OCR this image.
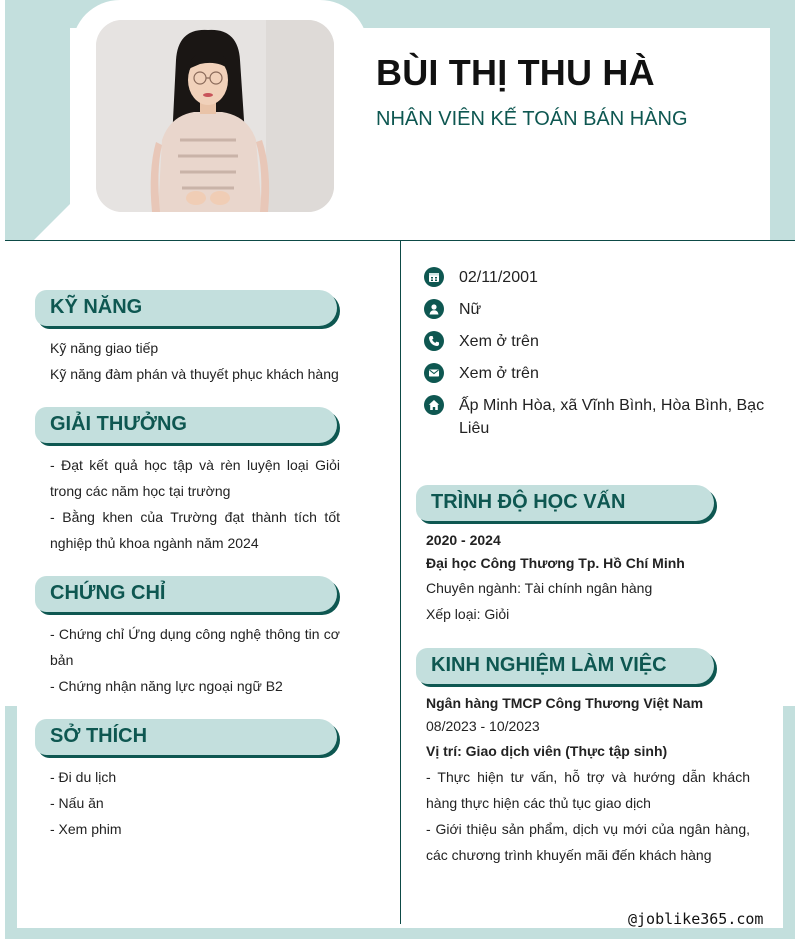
BÙI THỊ THU HÀ
NHÂN VIÊN KẾ TOÁN BÁN HÀNG
KỸ NĂNG
Kỹ năng giao tiếp
Kỹ năng đàm phán và thuyết phục khách hàng
GIẢI THƯỞNG
- Đạt kết quả học tập và rèn luyện loại Giỏi trong các năm học tại trường
- Bằng khen của Trường đạt thành tích tốt nghiệp thủ khoa ngành năm 2024
CHỨNG CHỈ
- Chứng chỉ Ứng dụng công nghệ thông tin cơ bản
- Chứng nhận năng lực ngoại ngữ B2
SỞ THÍCH
- Đi du lịch
- Nấu ăn
- Xem phim
02/11/2001
Nữ
Xem ở trên
Xem ở trên
Ấp Minh Hòa, xã Vĩnh Bình, Hòa Bình, Bạc Liêu
TRÌNH ĐỘ HỌC VẤN
2020 - 2024
Đại học Công Thương Tp. Hồ Chí Minh
Chuyên ngành: Tài chính ngân hàng
Xếp loại: Giỏi
KINH NGHIỆM LÀM VIỆC
Ngân hàng TMCP Công Thương Việt Nam
08/2023 - 10/2023
Vị trí: Giao dịch viên (Thực tập sinh)
- Thực hiện tư vấn, hỗ trợ và hướng dẫn khách hàng thực hiện các thủ tục giao dịch
- Giới thiệu sản phẩm, dịch vụ mới của ngân hàng, các chương trình khuyến mãi đến khách hàng
@joblike365.com
